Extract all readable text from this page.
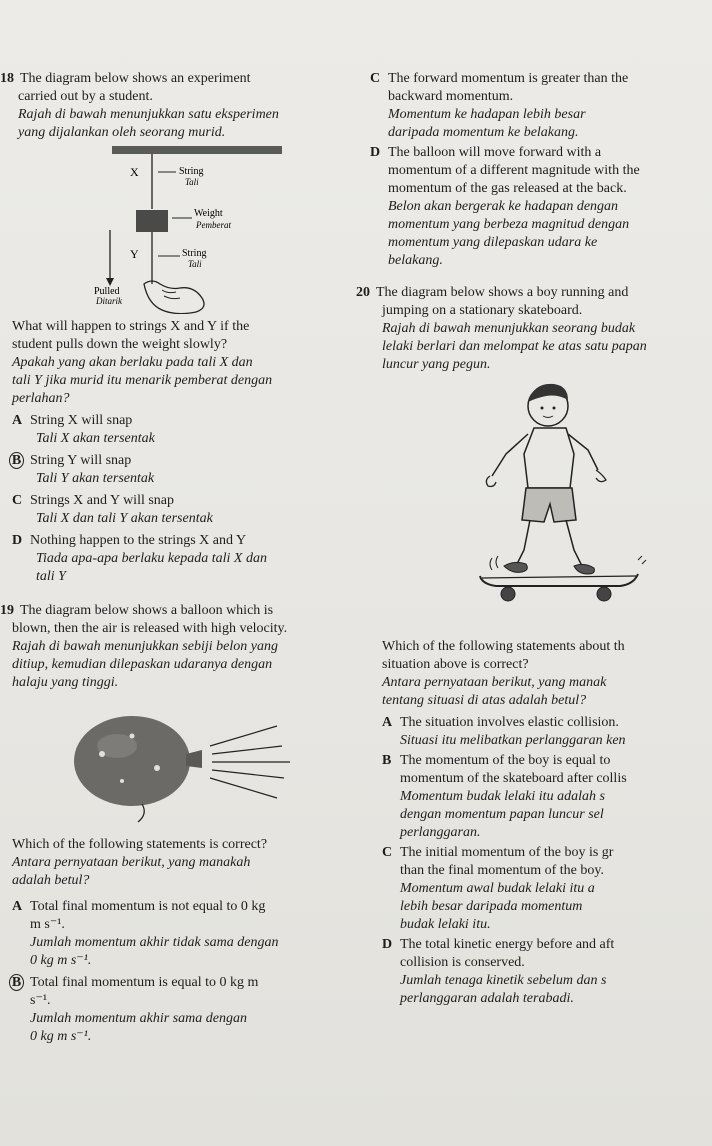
18 The diagram below shows an experiment

carried out by a student.

Rajah di bawah menunjukkan satu eksperimen

yang dijalankan oleh seorang murid.

X	String
Tali
Weight
Pemberat
Y	String
Tali
Pulled
Ditarik

What will happen to strings X and Y if the

student pulls down the weight slowly?

Apakah yang akan berlaku pada tali X dan

tali Y jika murid itu menarik pemberat dengan

perlahan?

A String X will snap

Tali X akan tersentak

B String Y will snap

Tali Y akan tersentak

C Strings X and Y will snap

Tali X dan tali Y akan tersentak

D Nothing happen to the strings X and Y

Tiada apa-apa berlaku kepada tali X dan

tali Y

19 The diagram below shows a balloon which is

blown, then the air is released with high velocity.

Rajah di bawah menunjukkan sebiji belon yang

ditiup, kemudian dilepaskan udaranya dengan

halaju yang tinggi.

Which of the following statements is correct?

Antara pernyataan berikut, yang manakah

adalah betul?

A Total final momentum is not equal to 0 kg

m s⁻¹.

Jumlah momentum akhir tidak sama dengan

0 kg m s⁻¹.

B Total final momentum is equal to 0 kg m

s⁻¹.

Jumlah momentum akhir sama dengan

0 kg m s⁻¹.

C The forward momentum is greater than the

backward momentum.

Momentum ke hadapan lebih besar

daripada momentum ke belakang.

D The balloon will move forward with a

momentum of a different magnitude with the

momentum of the gas released at the back.

Belon akan bergerak ke hadapan dengan

momentum yang berbeza magnitud dengan

momentum yang dilepaskan udara ke

belakang.

20 The diagram below shows a boy running and

jumping on a stationary skateboard.

Rajah di bawah menunjukkan seorang budak

lelaki berlari dan melompat ke atas satu papan

luncur yang pegun.

Which of the following statements about th

situation above is correct?

Antara pernyataan berikut, yang manak

tentang situasi di atas adalah betul?

A The situation involves elastic collision.

Situasi itu melibatkan perlanggaran ken

B The momentum of the boy is equal to

momentum of the skateboard after collis

Momentum budak lelaki itu adalah s

dengan momentum papan luncur sel

perlanggaran.

C The initial momentum of the boy is gr

than the final momentum of the boy.

Momentum awal budak lelaki itu a

lebih besar daripada momentum

budak lelaki itu.

D The total kinetic energy before and aft

collision is conserved.

Jumlah tenaga kinetik sebelum dan s

perlanggaran adalah terabadi.
